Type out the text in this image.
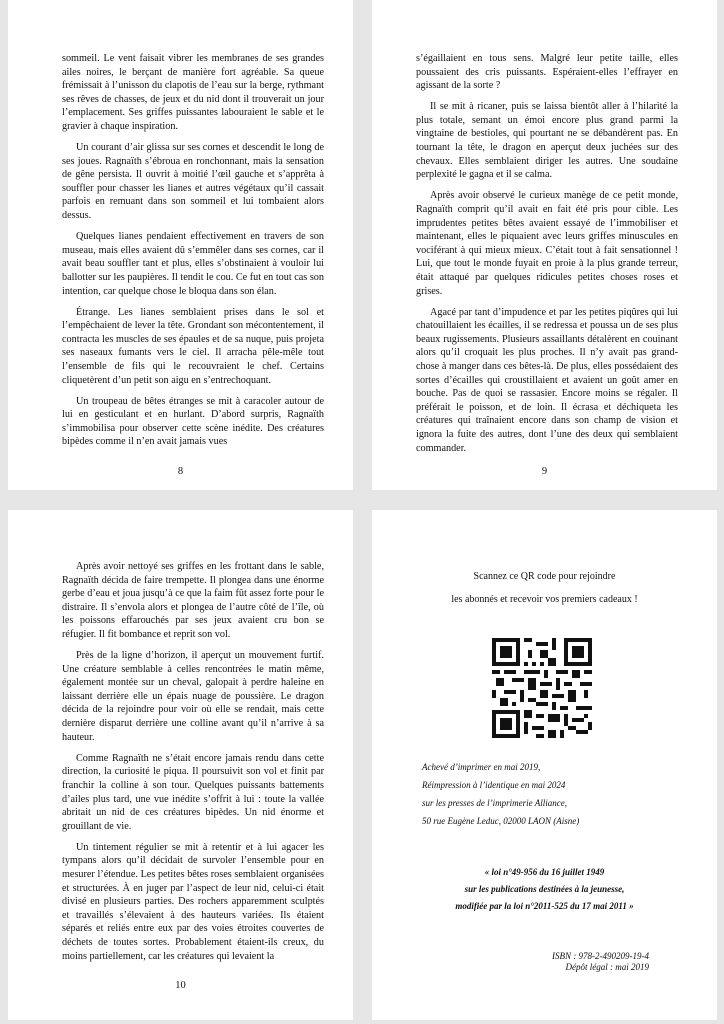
sommeil. Le vent faisait vibrer les membranes de ses grandes ailes noires, le berçant de manière fort agréable. Sa queue frémissait à l’unisson du clapotis de l’eau sur la berge, rythmant ses rêves de chasses, de jeux et du nid dont il trouverait un jour l’emplacement. Ses griffes puissantes labouraient le sable et le gravier à chaque inspiration.

Un courant d’air glissa sur ses cornes et descendit le long de ses joues. Ragnaïth s’ébroua en ronchonnant, mais la sensation de gêne persista. Il ouvrit à moitié l’œil gauche et s’apprêta à souffler pour chasser les lianes et autres végétaux qu’il cassait parfois en remuant dans son sommeil et lui tombaient alors dessus.

Quelques lianes pendaient effectivement en travers de son museau, mais elles avaient dû s’emmêler dans ses cornes, car il avait beau souffler tant et plus, elles s’obstinaient à vouloir lui ballotter sur les paupières. Il tendit le cou. Ce fut en tout cas son intention, car quelque chose le bloqua dans son élan.

Étrange. Les lianes semblaient prises dans le sol et l’empêchaient de lever la tête. Grondant son mécontentement, il contracta les muscles de ses épaules et de sa nuque, puis projeta ses naseaux fumants vers le ciel. Il arracha pêle-mêle tout l’ensemble de fils qui le recouvraient le chef. Certains cliquetèrent d’un petit son aigu en s’entrechoquant.

Un troupeau de bêtes étranges se mit à caracoler autour de lui en gesticulant et en hurlant. D’abord surpris, Ragnaïth s’immobilisa pour observer cette scène inédite. Des créatures bipèdes comme il n’en avait jamais vues

8

s’égaillaient en tous sens. Malgré leur petite taille, elles poussaient des cris puissants. Espéraient-elles l’effrayer en agissant de la sorte ?

Il se mit à ricaner, puis se laissa bientôt aller à l’hilarité la plus totale, semant un émoi encore plus grand parmi la vingtaine de bestioles, qui pourtant ne se débandèrent pas. En tournant la tête, le dragon en aperçut deux juchées sur des chevaux. Elles semblaient diriger les autres. Une soudaine perplexité le gagna et il se calma.

Après avoir observé le curieux manège de ce petit monde, Ragnaïth comprit qu’il avait en fait été pris pour cible. Les imprudentes petites bêtes avaient essayé de l’immobiliser et maintenant, elles le piquaient avec leurs griffes minuscules en vociférant à qui mieux mieux. C’était tout à fait sensationnel ! Lui, que tout le monde fuyait en proie à la plus grande terreur, était attaqué par quelques ridicules petites choses roses et grises.

Agacé par tant d’impudence et par les petites piqûres qui lui chatouillaient les écailles, il se redressa et poussa un de ses plus beaux rugissements. Plusieurs assaillants détalèrent en couinant alors qu’il croquait les plus proches. Il n’y avait pas grand-chose à manger dans ces bêtes-là. De plus, elles possédaient des sortes d’écailles qui croustillaient et avaient un goût amer en bouche. Pas de quoi se rassasier. Encore moins se régaler. Il préférait le poisson, et de loin. Il écrasa et déchiqueta les créatures qui traînaient encore dans son champ de vision et ignora la fuite des autres, dont l’une des deux qui semblaient commander.

9

Après avoir nettoyé ses griffes en les frottant dans le sable, Ragnaïth décida de faire trempette. Il plongea dans une énorme gerbe d’eau et joua jusqu’à ce que la faim fût assez forte pour le distraire. Il s’envola alors et plongea de l’autre côté de l’île, où les poissons effarouchés par ses jeux avaient cru bon se réfugier. Il fit bombance et reprit son vol.

Près de la ligne d’horizon, il aperçut un mouvement furtif. Une créature semblable à celles rencontrées le matin même, également montée sur un cheval, galopait à perdre haleine en laissant derrière elle un épais nuage de poussière. Le dragon décida de la rejoindre pour voir où elle se rendait, mais cette dernière disparut derrière une colline avant qu’il n’arrive à sa hauteur.

Comme Ragnaïth ne s’était encore jamais rendu dans cette direction, la curiosité le piqua. Il poursuivit son vol et finit par franchir la colline à son tour. Quelques puissants battements d’ailes plus tard, une vue inédite s’offrit à lui : toute la vallée abritait un nid de ces créatures bipèdes. Un nid énorme et grouillant de vie.

Un tintement régulier se mit à retentir et à lui agacer les tympans alors qu’il décidait de survoler l’ensemble pour en mesurer l’étendue. Les petites bêtes roses semblaient organisées et structurées. À en juger par l’aspect de leur nid, celui-ci était divisé en plusieurs parties. Des rochers apparemment sculptés et travaillés s’élevaient à des hauteurs variées. Ils étaient séparés et reliés entre eux par des voies étroites couvertes de déchets de toutes sortes. Probablement étaient-ils creux, du moins partiellement, car les créatures qui levaient la

10
Scannez ce QR code pour rejoindre
les abonnés et recevoir vos premiers cadeaux !
Achevé d’imprimer en mai 2019,
Réimpression à l’identique en mai 2024
sur les presses de l’imprimerie Alliance,
50 rue Eugène Leduc, 02000 LAON (Aisne)
« loi n°49-956 du 16 juillet 1949
sur les publications destinées à la jeunesse,
modifiée par la loi n°2011-525 du 17 mai 2011 »
ISBN : 978-2-490209-19-4
Dépôt légal : mai 2019
